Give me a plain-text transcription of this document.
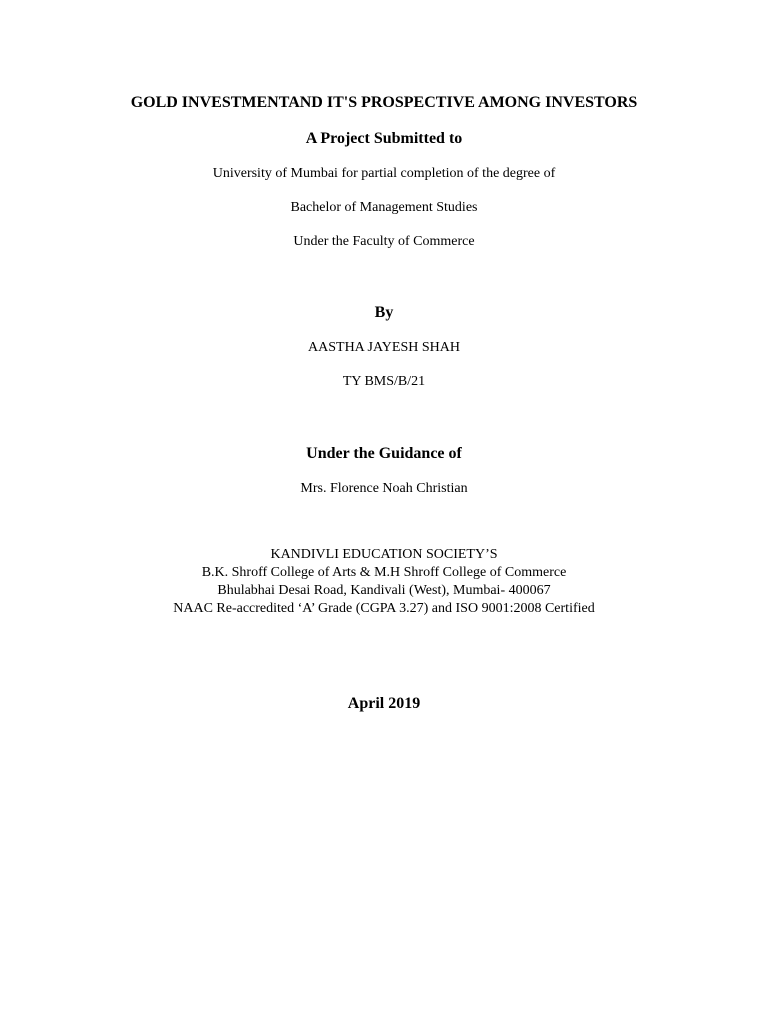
GOLD INVESTMENTAND IT'S PROSPECTIVE AMONG INVESTORS
A Project Submitted to
University of Mumbai for partial completion of the degree of
Bachelor of Management Studies
Under the Faculty of Commerce
By
AASTHA JAYESH SHAH
TY BMS/B/21
Under the Guidance of
Mrs. Florence Noah Christian
KANDIVLI EDUCATION SOCIETY’S
B.K. Shroff College of Arts & M.H Shroff College of Commerce
Bhulabhai Desai Road, Kandivali (West), Mumbai- 400067
NAAC Re-accredited ‘A’ Grade (CGPA 3.27) and ISO 9001:2008 Certified
April 2019
